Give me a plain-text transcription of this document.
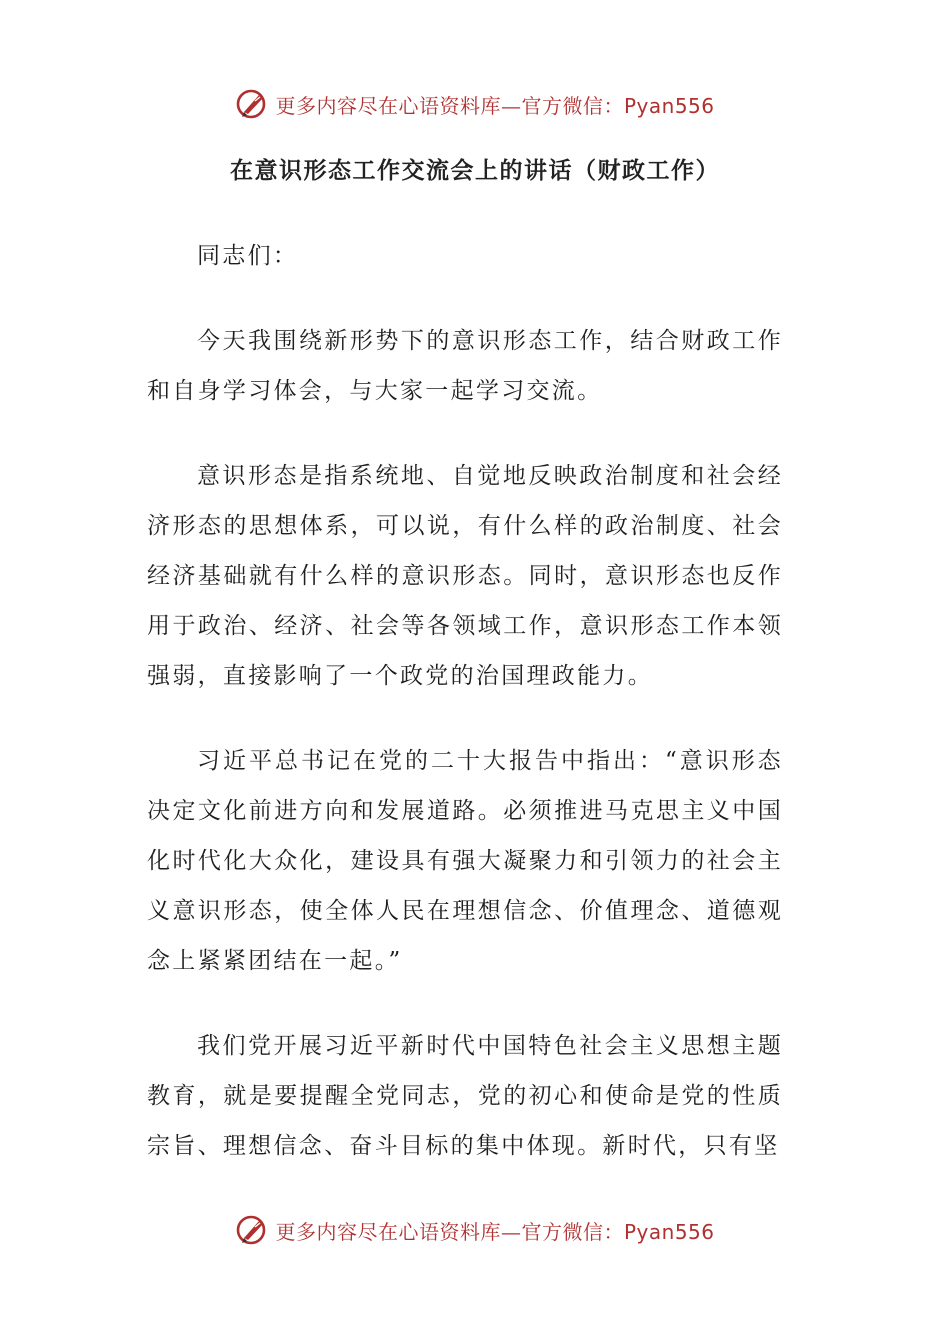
更多内容尽在心语资料库—官方微信：Pyan556
在意识形态工作交流会上的讲话（财政工作）

同志们：

今天我围绕新形势下的意识形态工作，结合财政工作和自身学习体会，与大家一起学习交流。

意识形态是指系统地、自觉地反映政治制度和社会经济形态的思想体系，可以说，有什么样的政治制度、社会经济基础就有什么样的意识形态。同时，意识形态也反作用于政治、经济、社会等各领域工作，意识形态工作本领强弱，直接影响了一个政党的治国理政能力。

习近平总书记在党的二十大报告中指出：“意识形态决定文化前进方向和发展道路。必须推进马克思主义中国化时代化大众化，建设具有强大凝聚力和引领力的社会主义意识形态，使全体人民在理想信念、价值理念、道德观念上紧紧团结在一起。”

我们党开展习近平新时代中国特色社会主义思想主题教育，就是要提醒全党同志，党的初心和使命是党的性质宗旨、理想信念、奋斗目标的集中体现。新时代，只有坚

更多内容尽在心语资料库—官方微信：Pyan556
